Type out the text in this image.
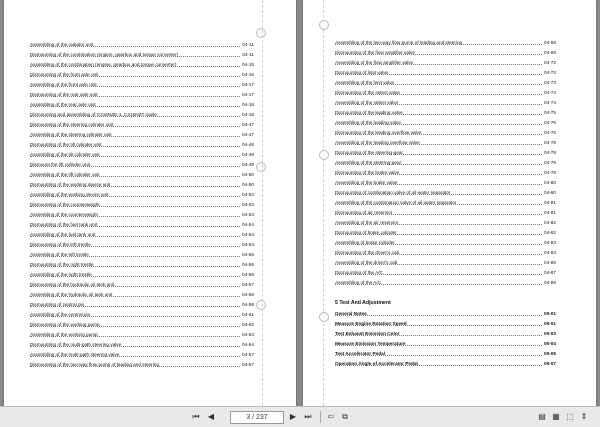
Assembling of the radiator unit	04-11
Dismounting of the combination (engine, gearbox and torque converter)	04-11
Assembling of the combination (engine, gearbox and torque converter)	04-15
Dismounting of the front axle unit	04-16
Assembling of the front axle unit	04-17
Dismounting of the rear axle unit	04-17
Assembling of the rear axle unit	04-18
Dismounting and assembling of C216NZE-1, C216NZT-1axle	04-18
Dismounting of the steering cylinder unit	04-47
Assembling of the steering cylinder unit	04-47
Dismounting of the tilt cylinder unit	04-48
Assembling of the tilt cylinder unit	04-49
Dismount the lift cylinder unit	04-49
Assembling of the lift cylinder unit	04-50
Dismounting of the working device unit	04-50
Assembling of the working device unit	04-53
Dismounting of the counterweight	04-53
Assembling of the counterweight	04-53
Dismounting of the fuel tank unit	04-54
Assembling of the fuel tank unit	04-54
Dismounting of the left trestle	04-54
Assembling of the left trestle	04-55
Dismounting of the right trestle	04-55
Assembling of the right trestle	04-56
Dismounting of the hydraulic oil tank unit	04-57
Assembling of the hydraulic oil tank unit	04-58
Dismounting of central pin	04-58
Assembling of the central pin	04-61
Dismounting of the working pump	04-62
Assembling of the working pump	04-63
Dismounting of the multi-path steering valve	04-64
Assembling of the multi-path steering valve	04-67
Dismounting of the two-way flow pump of leading and steering	04-67
Assembling of the two-way flow pump of leading and steering	04-68
Dismounting of the flow amplifier valve	04-69
Assembling of the flow amplifier valve	04-72
Dismounting of limit valve	04-72
Assembling of the limit valve	04-73
Dismounting of the select valve	04-74
Assembling of the select valve	04-74
Dismounting of the leading valve	04-75
Assembling of the leading valve	04-76
Dismounting of the leading overflow valve	04-76
Assembling of the leading overflow valve	04-78
Dismounting of the steering-gear	04-78
Assembling of the steering-gear	04-79
Dismounting of the brake valve	04-79
Assembling of the brake valve	04-80
Dismounting of combination valve of oil-water separator	04-80
Assembling of the combination valve of oil-water separator	04-81
Dismounting of air reservior	04-81
Assembling of the air reservior	04-82
Dismounting of brake cylinder	04-82
Assembling of brake cylinder	04-83
Dismounting of the driver's cab	04-84
Assembling of the driver's cab	04-85
Dismounting of the A/C	04-87
Assembling of the A/C	04-89
5 Test And Adjustment
General Notes	05-01
Measure Engine Rotation Speed	05-01
Test Exhaust Emission Color	05-03
Measure Emission Temperature	05-04
Test Accelerator Pedal	05-05
Operation Angle of Accelerator Pedal	05-07
⏮ ◀	3 / 237	▶ ⏭ ⇦ ⧉	▤ ▦ ⬚ ⇕
